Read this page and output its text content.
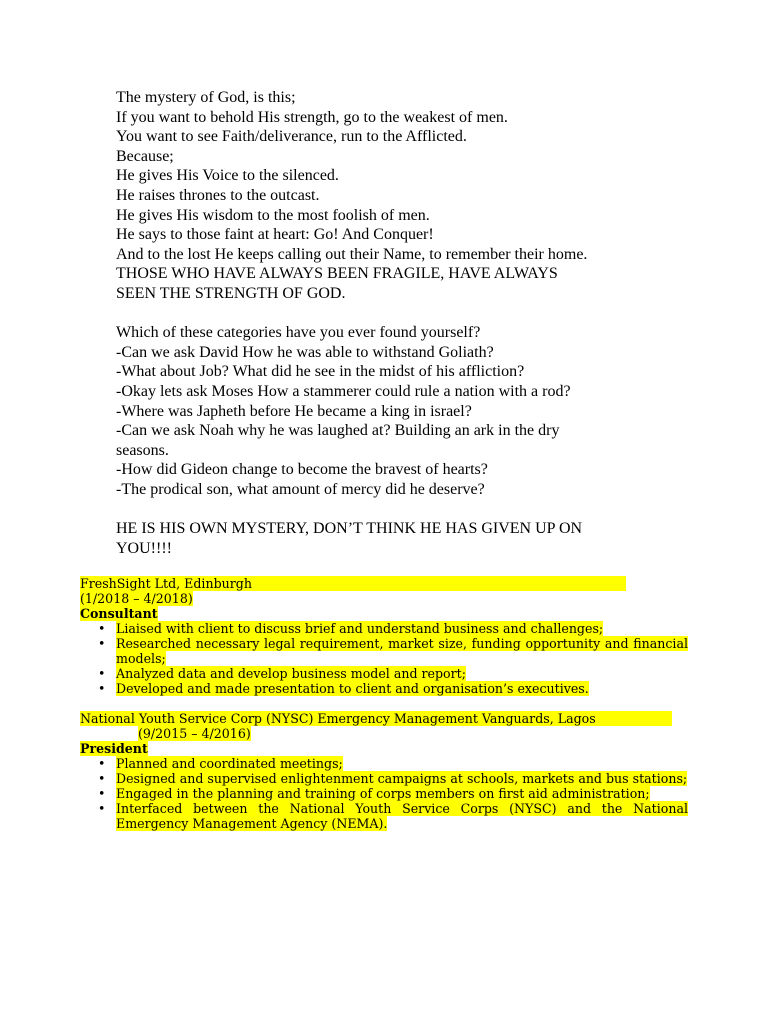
The mystery of God, is this;
If you want to behold His strength, go to the weakest of men.
You want to see Faith/deliverance, run to the Afflicted.
Because;
He gives His Voice to the silenced.
He raises thrones to the outcast.
He gives His wisdom to the most foolish of men.
He says to those faint at heart: Go! And Conquer!
And to the lost He keeps calling out their Name, to remember their home.
THOSE WHO HAVE ALWAYS BEEN FRAGILE, HAVE ALWAYS
SEEN THE STRENGTH OF GOD.
Which of these categories have you ever found yourself?
-Can we ask David How he was able to withstand Goliath?
-What about Job? What did he see in the midst of his affliction?
-Okay lets ask Moses How a stammerer could rule a nation with a rod?
-Where was Japheth before He became a king in israel?
-Can we ask Noah why he was laughed at? Building an ark in the dry
seasons.
-How did Gideon change to become the bravest of hearts?
-The prodical son, what amount of mercy did he deserve?
HE IS HIS OWN MYSTERY, DON’T THINK HE HAS GIVEN UP ON
YOU!!!!
FreshSight Ltd, Edinburgh
(1/2018 – 4/2018)
Consultant
• Liaised with client to discuss brief and understand business and challenges;
• Researched necessary legal requirement, market size, funding opportunity and financial models;
• Analyzed data and develop business model and report;
• Developed and made presentation to client and organisation’s executives.
National Youth Service Corp (NYSC) Emergency Management Vanguards, Lagos
(9/2015 – 4/2016)
President
• Planned and coordinated meetings;
• Designed and supervised enlightenment campaigns at schools, markets and bus stations;
• Engaged in the planning and training of corps members on first aid administration;
• Interfaced between the National Youth Service Corps (NYSC) and the National Emergency Management Agency (NEMA).
